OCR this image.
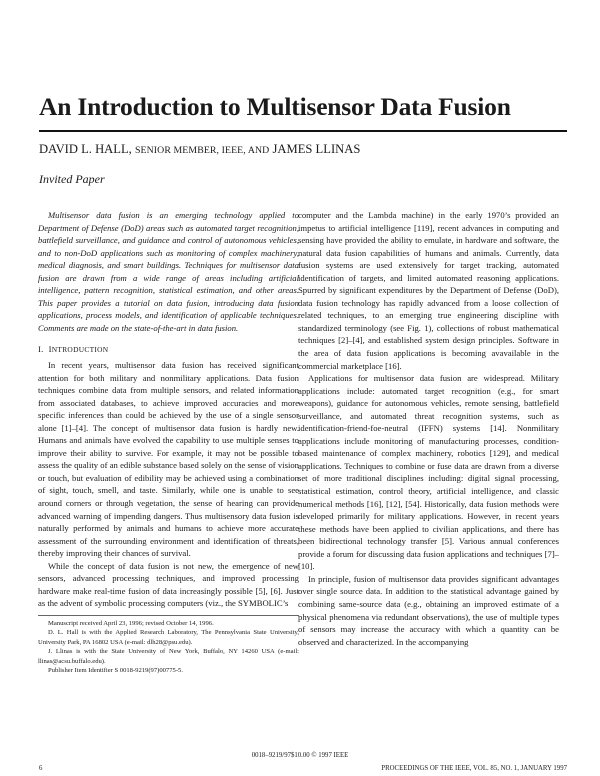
An Introduction to Multisensor Data Fusion
DAVID L. HALL, SENIOR MEMBER, IEEE, AND JAMES LLINAS
Invited Paper

Multisensor data fusion is an emerging technology applied to Department of Defense (DoD) areas such as automated target recognition, battlefield surveillance, and guidance and control of autonomous vehicles, and to non-DoD applications such as monitoring of complex machinery, medical diagnosis, and smart buildings. Techniques for multisensor data fusion are drawn from a wide range of areas including artificial intelligence, pattern recognition, statistical estimation, and other areas. This paper provides a tutorial on data fusion, introducing data fusion applications, process models, and identification of applicable techniques. Comments are made on the state-of-the-art in data fusion.

I. INTRODUCTION

In recent years, multisensor data fusion has received significant attention for both military and nonmilitary applications. Data fusion techniques combine data from multiple sensors, and related information from associated databases, to achieve improved accuracies and more specific inferences than could be achieved by the use of a single sensor alone [1]–[4]. The concept of multisensor data fusion is hardly new. Humans and animals have evolved the capability to use multiple senses to improve their ability to survive. For example, it may not be possible to assess the quality of an edible substance based solely on the sense of vision or touch, but evaluation of edibility may be achieved using a combination of sight, touch, smell, and taste. Similarly, while one is unable to see around corners or through vegetation, the sense of hearing can provide advanced warning of impending dangers. Thus multisensory data fusion is naturally performed by animals and humans to achieve more accurate assessment of the surrounding environment and identification of threats, thereby improving their chances of survival.

While the concept of data fusion is not new, the emergence of new sensors, advanced processing techniques, and improved processing hardware make real-time fusion of data increasingly possible [5], [6]. Just as the advent of symbolic processing computers (viz., the SYMBOLIC’s

Manuscript received April 23, 1996; revised October 14, 1996.

D. L. Hall is with the Applied Research Laboratory, The Pennsylvania State University, University Park, PA 16802 USA (e-mail: dlh28@psu.edu).

J. Llinas is with the State University of New York, Buffalo, NY 14260 USA (e-mail: llinas@acsu.buffalo.edu).

Publisher Item Identifier S 0018-9219(97)00775-5.

computer and the Lambda machine) in the early 1970’s provided an impetus to artificial intelligence [119], recent advances in computing and sensing have provided the ability to emulate, in hardware and software, the natural data fusion capabilities of humans and animals. Currently, data fusion systems are used extensively for target tracking, automated identification of targets, and limited automated reasoning applications. Spurred by significant expenditures by the Department of Defense (DoD), data fusion technology has rapidly advanced from a loose collection of related techniques, to an emerging true engineering discipline with standardized terminology (see Fig. 1), collections of robust mathematical techniques [2]–[4], and established system design principles. Software in the area of data fusion applications is becoming avavailable in the commercial marketplace [16].

Applications for multisensor data fusion are widespread. Military applications include: automated target recognition (e.g., for smart weapons), guidance for autonomous vehicles, remote sensing, battlefield surveillance, and automated threat recognition systems, such as identification-friend-foe-neutral (IFFN) systems [14]. Nonmilitary applications include monitoring of manufacturing processes, condition-based maintenance of complex machinery, robotics [129], and medical applications. Techniques to combine or fuse data are drawn from a diverse set of more traditional disciplines including: digital signal processing, statistical estimation, control theory, artificial intelligence, and classic numerical methods [16], [12], [54]. Historically, data fusion methods were developed primarily for military applications. However, in recent years these methods have been applied to civilian applications, and there has been bidirectional technology transfer [5]. Various annual conferences provide a forum for discussing data fusion applications and techniques [7]–[10].

In principle, fusion of multisensor data provides significant advantages over single source data. In addition to the statistical advantage gained by combining same-source data (e.g., obtaining an improved estimate of a physical phenomena via redundant observations), the use of multiple types of sensors may increase the accuracy with which a quantity can be observed and characterized. In the accompanying

0018–9219/97$10.00 © 1997 IEEE
6	PROCEEDINGS OF THE IEEE, VOL. 85, NO. 1, JANUARY 1997
